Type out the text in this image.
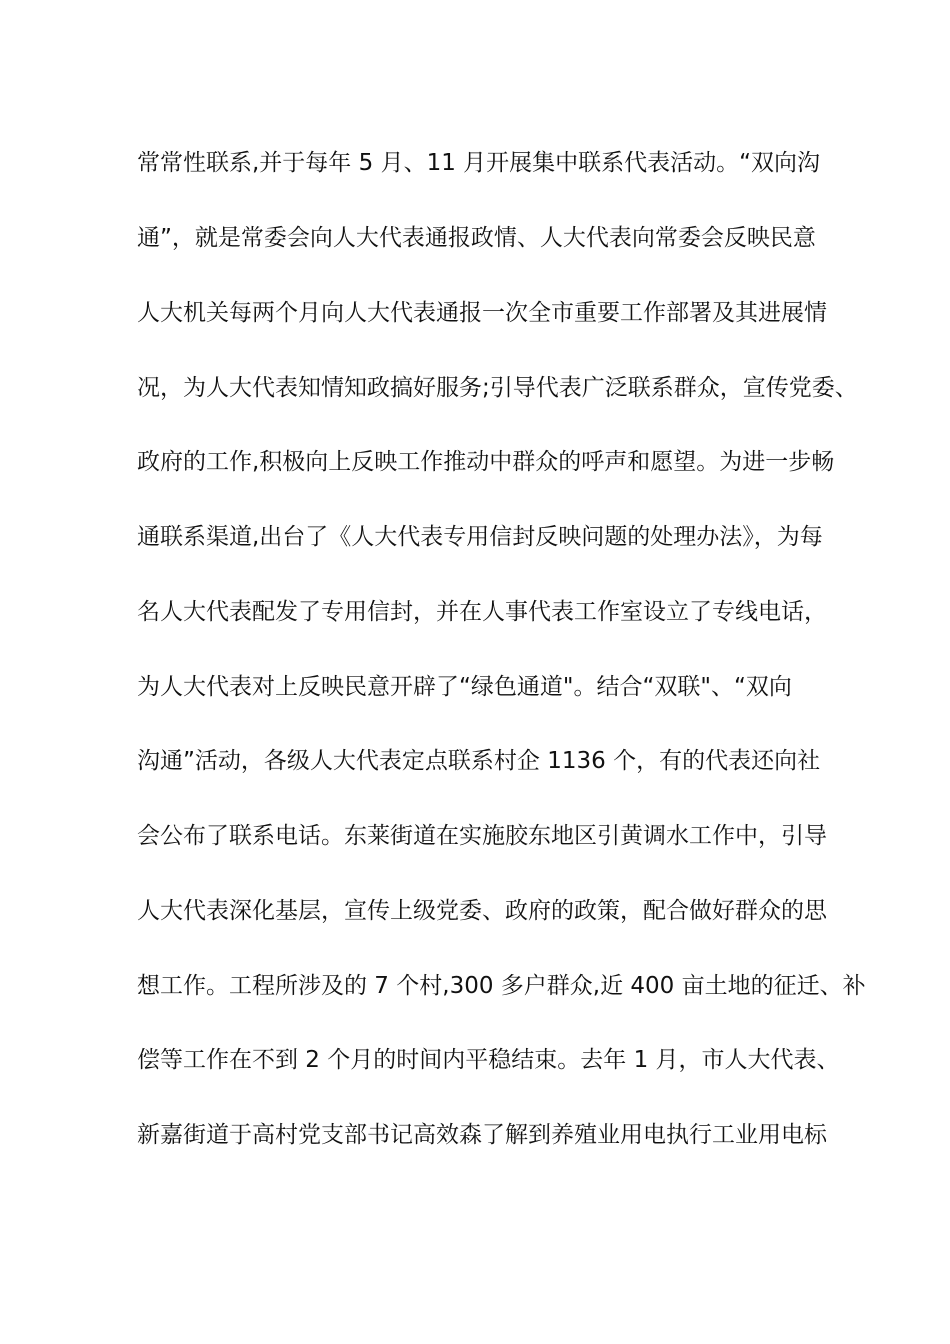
常常性联系,并于每年 5 月、11 月开展集中联系代表活动。“双向沟
通”，就是常委会向人大代表通报政情、人大代表向常委会反映民意
人大机关每两个月向人大代表通报一次全市重要工作部署及其进展情
况，为人大代表知情知政搞好服务;引导代表广泛联系群众，宣传党委、
政府的工作,积极向上反映工作推动中群众的呼声和愿望。为进一步畅
通联系渠道,出台了《人大代表专用信封反映问题的处理办法》，为每
名人大代表配发了专用信封，并在人事代表工作室设立了专线电话，
为人大代表对上反映民意开辟了“绿色通道"。结合“双联"、“双向
沟通”活动，各级人大代表定点联系村企 1136 个，有的代表还向社
会公布了联系电话。东莱街道在实施胶东地区引黄调水工作中，引导
人大代表深化基层，宣传上级党委、政府的政策，配合做好群众的思
想工作。工程所涉及的 7 个村,300 多户群众,近 400 亩土地的征迁、补
偿等工作在不到 2 个月的时间内平稳结束。去年 1 月，市人大代表、
新嘉街道于高村党支部书记高效森了解到养殖业用电执行工业用电标
